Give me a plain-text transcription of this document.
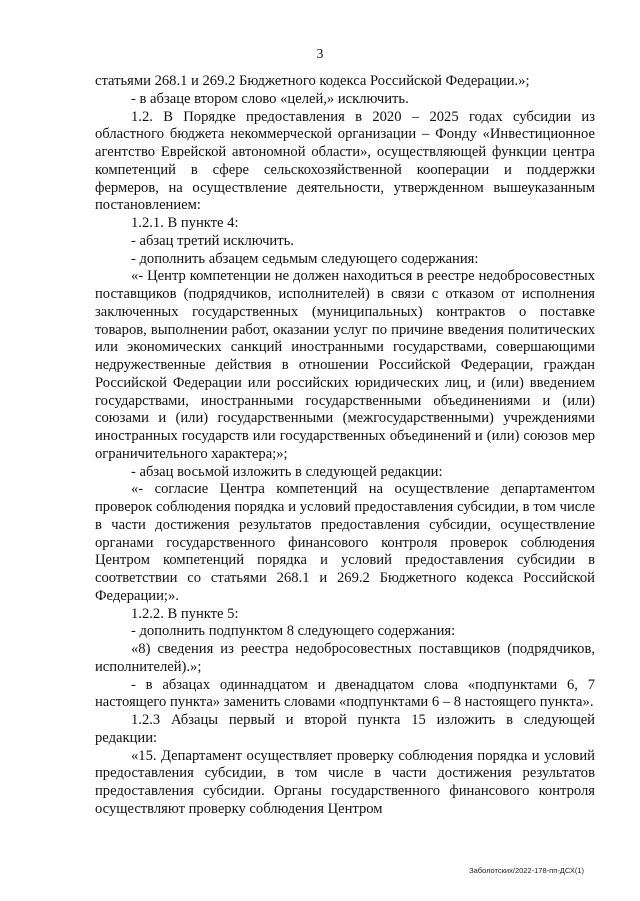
3

статьями 268.1 и 269.2 Бюджетного кодекса Российской Федерации.»;

- в абзаце втором слово «целей,» исключить.

1.2. В Порядке предоставления в 2020 – 2025 годах субсидии из областного бюджета некоммерческой организации – Фонду «Инвестиционное агентство Еврейской автономной области», осуществляющей функции центра компетенций в сфере сельскохозяйственной кооперации и поддержки фермеров, на осуществление деятельности, утвержденном вышеуказанным постановлением:

1.2.1. В пункте 4:

- абзац третий исключить.

- дополнить абзацем седьмым следующего содержания:

«- Центр компетенции не должен находиться в реестре недобросовестных поставщиков (подрядчиков, исполнителей) в связи с отказом от исполнения заключенных государственных (муниципальных) контрактов о поставке товаров, выполнении работ, оказании услуг по причине введения политических или экономических санкций иностранными государствами, совершающими недружественные действия в отношении Российской Федерации, граждан Российской Федерации или российских юридических лиц, и (или) введением государствами, иностранными государственными объединениями и (или) союзами и (или) государственными (межгосударственными) учреждениями иностранных государств или государственных объединений и (или) союзов мер ограничительного характера;»;

- абзац восьмой изложить в следующей редакции:

«- согласие Центра компетенций на осуществление департаментом проверок соблюдения порядка и условий предоставления субсидии, в том числе в части достижения результатов предоставления субсидии, осуществление органами государственного финансового контроля проверок соблюдения Центром компетенций порядка и условий предоставления субсидии в соответствии со статьями 268.1 и 269.2 Бюджетного кодекса Российской Федерации;».

1.2.2. В пункте 5:

- дополнить подпунктом 8 следующего содержания:

«8) сведения из реестра недобросовестных поставщиков (подрядчиков, исполнителей).»;

- в абзацах одиннадцатом и двенадцатом слова «подпунктами 6, 7 настоящего пункта» заменить словами «подпунктами 6 – 8 настоящего пункта».

1.2.3 Абзацы первый и второй пункта 15 изложить в следующей редакции:

«15. Департамент осуществляет проверку соблюдения порядка и условий предоставления субсидии, в том числе в части достижения результатов предоставления субсидии. Органы государственного финансового контроля осуществляют проверку соблюдения Центром

Заболотских/2022-178-пп-ДСХ(1)
